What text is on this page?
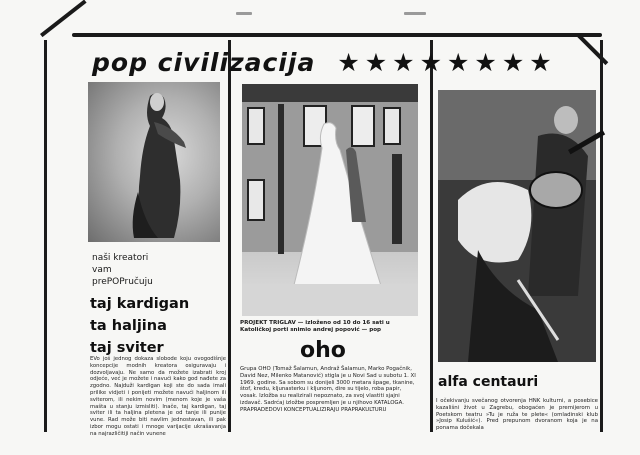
pop civilizacija ★ ★ ★ ★ ★ ★ ★ ★
naši kreatori
vam
prePOPručuju
taj kardigan
ta haljina
taj sviter
EVo još jednog dokaza slobode koju ovogodišnje koncepcije modnih kreatora osiguravaju i dozvoljavaju. Ne samo da možete izabrati kroj odjeće, već je možete i navući kako god nađete za zgodno. Najduži kardigan koji ste do sada imali prilike vidjeti i ponijeti možete navući haljinom ili sviterom, ili nekim novim (menom koje je vaša mašta u stanju izmisliti). Inače, taj kardigan, taj sviter ili ta haljina pletena je od tanje ili punije vune. Rad može biti navlim jednostavan, ili pak izbor mogu ostati i mnoge varijacije ukrašavanja na najrazličitiji način vunene
PROJEKT TRIGLAV — izloženo od 10 do 16 sati u Katoličkoj porti snimio andrej popović — pop
oho
Grupa OHO (Tomaž Šalamun, Andraž Šalamun, Marko Pogačnik, David Nez, Milenko Matanović) stigla je u Novi Sad u subotu 1. XI 1969. godine. Sa sobom su donijeli 3000 metara špage, tkanine, štof, kredu, kljunasterku i kljunom, dire su tijelo, roba papir, vosak. Izložba su realizirali nepoznato, za svoj vlastiti sjajni izdavač. Sadrćaj izložbe pospremljen je u njihovo KATALOGA. PRAPRADEDOVI KONCEPTUALIZIRAJU PRAPRAKULTURU
alfa centauri
I očekivanju svečanog otvorenja HNK kulturni, a posebice kazališni život u Zagrebu, obogaćen je premijerom u Poetskom teatru »Tu je ruža te plete« (omladinski klub »Josip Kulušić«). Pred prepunom dvoranom koja je na ponama dočekala
